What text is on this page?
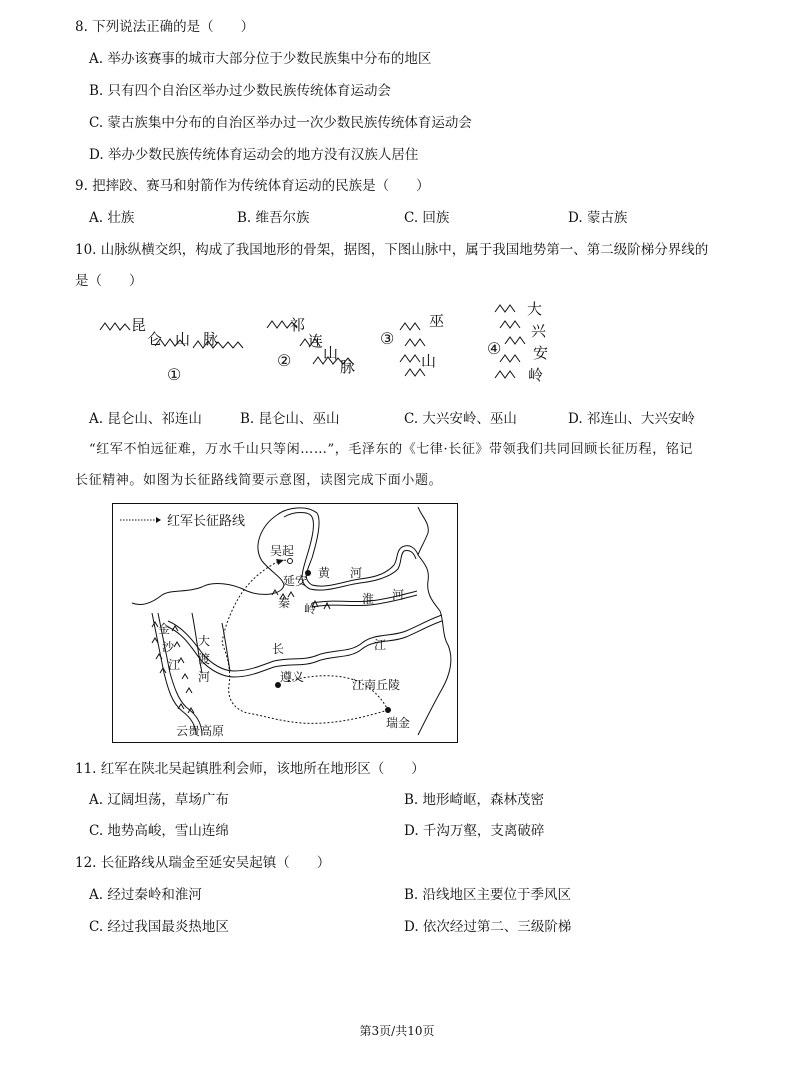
8. 下列说法正确的是（　　）
A. 举办该赛事的城市大部分位于少数民族集中分布的地区
B. 只有四个自治区举办过少数民族传统体育运动会
C. 蒙古族集中分布的自治区举办过一次少数民族传统体育运动会
D. 举办少数民族传统体育运动会的地方没有汉族人居住
9. 把摔跤、赛马和射箭作为传统体育运动的民族是（　　）
A. 壮族	B. 维吾尔族	C. 回族	D. 蒙古族
10. 山脉纵横交织，构成了我国地形的骨架，据图，下图山脉中，属于我国地势第一、第二级阶梯分界线的
是（　　）
昆
仑 山 脉
①
祁
连
山
脉
②
巫
山
③
大
兴
安
岭
④
A. 昆仑山、祁连山	B. 昆仑山、巫山	C. 大兴安岭、巫山	D. 祁连山、大兴安岭
“红军不怕远征难，万水千山只等闲……”，毛泽东的《七律·长征》带领我们共同回顾长征历程，铭记
长征精神。如图为长征路线简要示意图，读图完成下面小题。
红军长征路线
吴起
延安
黄 河
秦 岭
淮 河
长	江
金
沙
江
大
渡
河	遵义
江南丘陵
瑞金
云贵高原
11. 红军在陕北吴起镇胜利会师，该地所在地形区（　　）
A. 辽阔坦荡，草场广布	B. 地形崎岖，森林茂密
C. 地势高峻，雪山连绵	D. 千沟万壑，支离破碎
12. 长征路线从瑞金至延安吴起镇（　　）
A. 经过秦岭和淮河	B. 沿线地区主要位于季风区
C. 经过我国最炎热地区	D. 依次经过第二、三级阶梯
第3页/共10页
